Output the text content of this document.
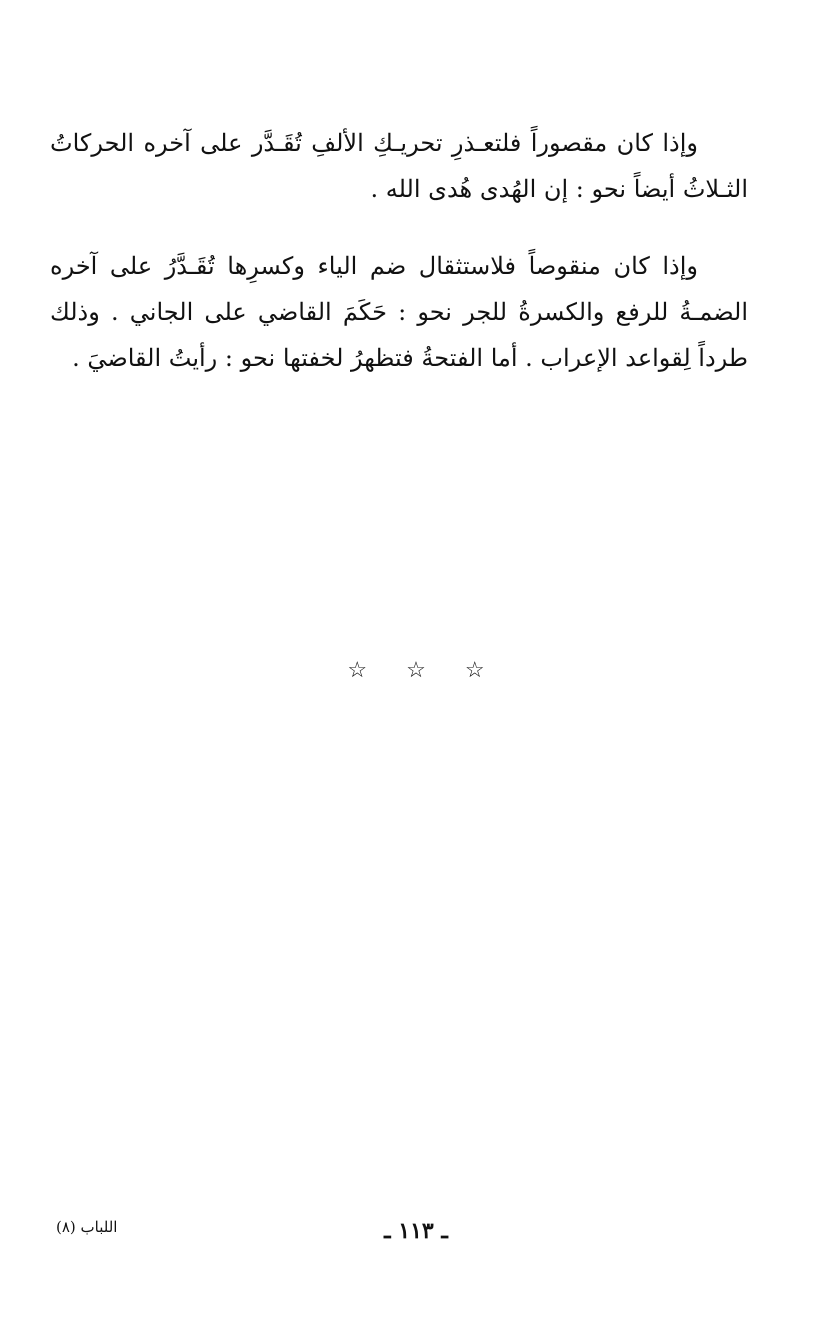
وإذا كان مقصوراً فلتعـذرِ تحريـكِ الألفِ تُقَـدَّر على آخره الحركاتُ الثـلاثُ أيضاً نحو : إن الهُدى هُدى الله .

وإذا كان منقوصاً فلاستثقال ضم الياء وكسرِها تُقَـدَّرُ على آخره الضمـةُ للرفع والكسرةُ للجر نحو : حَكَمَ القاضي على الجاني . وذلك طرداً لِقواعد الإعراب . أما الفتحةُ فتظهرُ لخفتها نحو : رأيتُ القاضيَ .

☆ ☆ ☆
ـ ١١٣ ـ
اللباب (٨)
